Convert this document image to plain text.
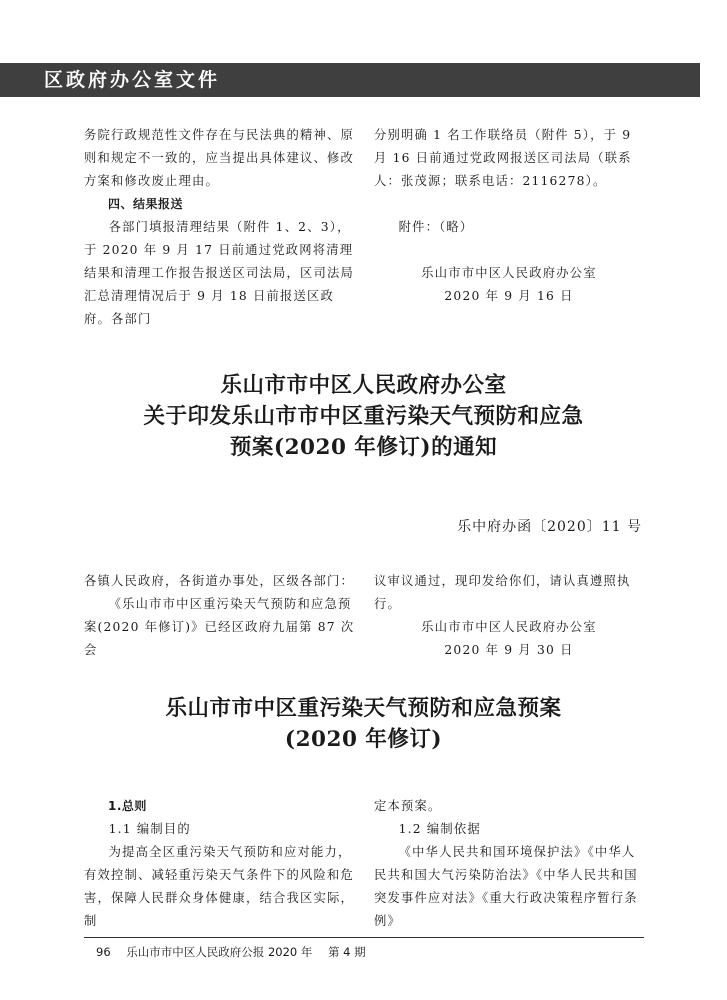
区政府办公室文件

务院行政规范性文件存在与民法典的精神、原则和规定不一致的，应当提出具体建议、修改方案和修改废止理由。

四、结果报送

各部门填报清理结果（附件 1、2、3），于 2020 年 9 月 17 日前通过党政网将清理结果和清理工作报告报送区司法局，区司法局汇总清理情况后于 9 月 18 日前报送区政府。各部门

分别明确 1 名工作联络员（附件 5），于 9 月 16 日前通过党政网报送区司法局（联系人：张茂源；联系电话：2116278）。

附件：（略）

乐山市市中区人民政府办公室

2020 年 9 月 16 日

乐山市市中区人民政府办公室
关于印发乐山市市中区重污染天气预防和应急
预案(2020 年修订)的通知
乐中府办函〔2020〕11 号

各镇人民政府，各街道办事处，区级各部门：

《乐山市市中区重污染天气预防和应急预案(2020 年修订)》已经区政府九届第 87 次会

议审议通过，现印发给你们，请认真遵照执行。

乐山市市中区人民政府办公室

2020 年 9 月 30 日

乐山市市中区重污染天气预防和应急预案
(2020 年修订)

1.总则

1.1 编制目的

为提高全区重污染天气预防和应对能力，有效控制、减轻重污染天气条件下的风险和危害，保障人民群众身体健康，结合我区实际，制

定本预案。

1.2 编制依据

《中华人民共和国环境保护法》《中华人民共和国大气污染防治法》《中华人民共和国突发事件应对法》《重大行政决策程序暂行条例》

96 乐山市市中区人民政府公报 2020 年 第 4 期
